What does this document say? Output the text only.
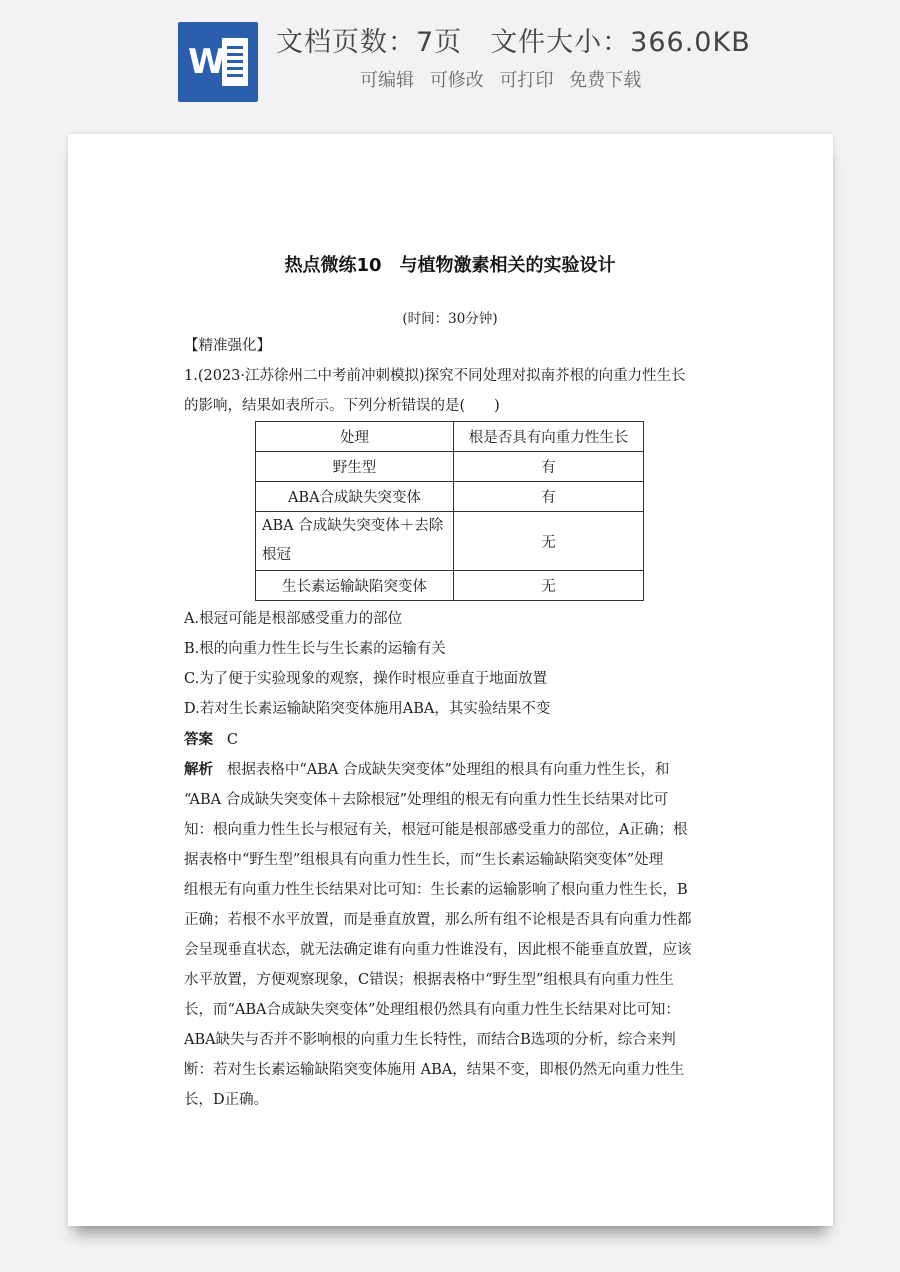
W 文档页数：7页 文件大小：366.0KB
可编辑 可修改 可打印 免费下载
热点微练10　与植物激素相关的实验设计
(时间：30分钟)
【精准强化】
1.(2023·江苏徐州二中考前冲刺模拟)探究不同处理对拟南芥根的向重力性生长
的影响，结果如表所示。下列分析错误的是(　　)
处理	根是否具有向重力性生长
野生型	有
ABA合成缺失突变体	有
ABA 合成缺失突变体＋去除根冠	无
生长素运输缺陷突变体	无
A.根冠可能是根部感受重力的部位
B.根的向重力性生长与生长素的运输有关
C.为了便于实验现象的观察，操作时根应垂直于地面放置
D.若对生长素运输缺陷突变体施用ABA，其实验结果不变
答案 C
解析 根据表格中“ABA 合成缺失突变体”处理组的根具有向重力性生长，和
“ABA 合成缺失突变体＋去除根冠”处理组的根无有向重力性生长结果对比可
知：根向重力性生长与根冠有关，根冠可能是根部感受重力的部位，A正确；根
据表格中“野生型”组根具有向重力性生长，而“生长素运输缺陷突变体”处理
组根无有向重力性生长结果对比可知：生长素的运输影响了根向重力性生长，B
正确；若根不水平放置，而是垂直放置，那么所有组不论根是否具有向重力性都
会呈现垂直状态，就无法确定谁有向重力性谁没有，因此根不能垂直放置，应该
水平放置，方便观察现象，C错误；根据表格中“野生型”组根具有向重力性生
长，而“ABA合成缺失突变体”处理组根仍然具有向重力性生长结果对比可知：
ABA缺失与否并不影响根的向重力生长特性，而结合B选项的分析，综合来判
断：若对生长素运输缺陷突变体施用 ABA，结果不变，即根仍然无向重力性生
长，D正确。
